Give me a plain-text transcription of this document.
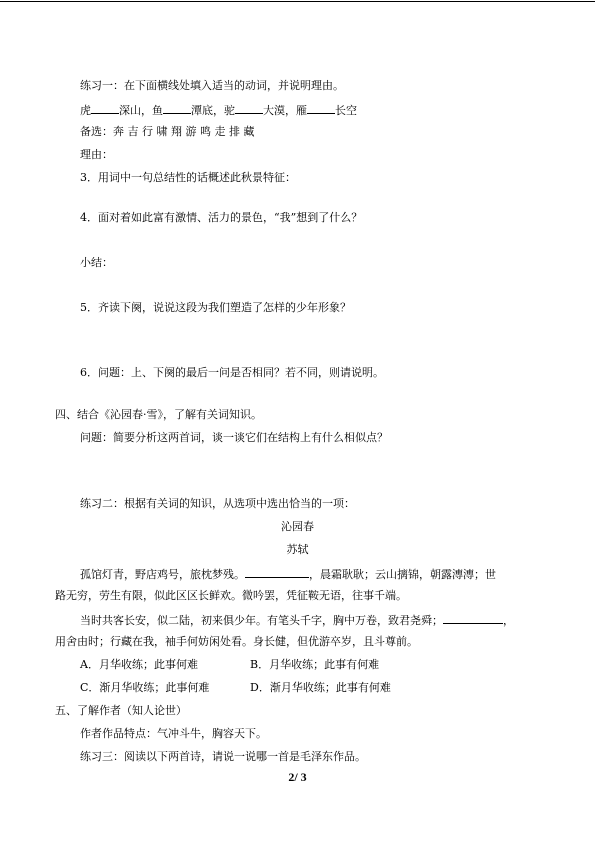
练习一：在下面横线处填入适当的动词，并说明理由。
虎	深山，鱼	潭底，驼	大漠，雁	长空
备选：奔 吉 行 啸 翔 游 鸣 走 排 藏
理由：
3．用词中一句总结性的话概述此秋景特征：
4．面对着如此富有激情、活力的景色，“我”想到了什么？
小结：
5．齐读下阕，说说这段为我们塑造了怎样的少年形象？
6．问题：上、下阕的最后一问是否相同？若不同，则请说明。
四、结合《沁园春·雪》，了解有关词知识。
问题：简要分析这两首词，谈一谈它们在结构上有什么相似点？
练习二：根据有关词的知识，从选项中选出恰当的一项：
沁园春
苏轼
孤馆灯青，野店鸡号，旅枕梦残。	，晨霜耿耿；云山摛锦，朝露漙漙；世
路无穷，劳生有限，似此区区长鲜欢。微吟罢，凭征鞍无语，往事千端。
当时共客长安，似二陆，初来俱少年。有笔头千字，胸中万卷，致君尧舜；	，
用舍由时；行藏在我，袖手何妨闲处看。身长健，但优游卒岁，且斗尊前。
A．月华收练；此事何难	B．月华收练；此事有何难
C．渐月华收练；此事何难	D．渐月华收练；此事有何难
五、了解作者（知人论世）
作者作品特点：气冲斗牛，胸容天下。
练习三：阅读以下两首诗，请说一说哪一首是毛泽东作品。
2/ 3
